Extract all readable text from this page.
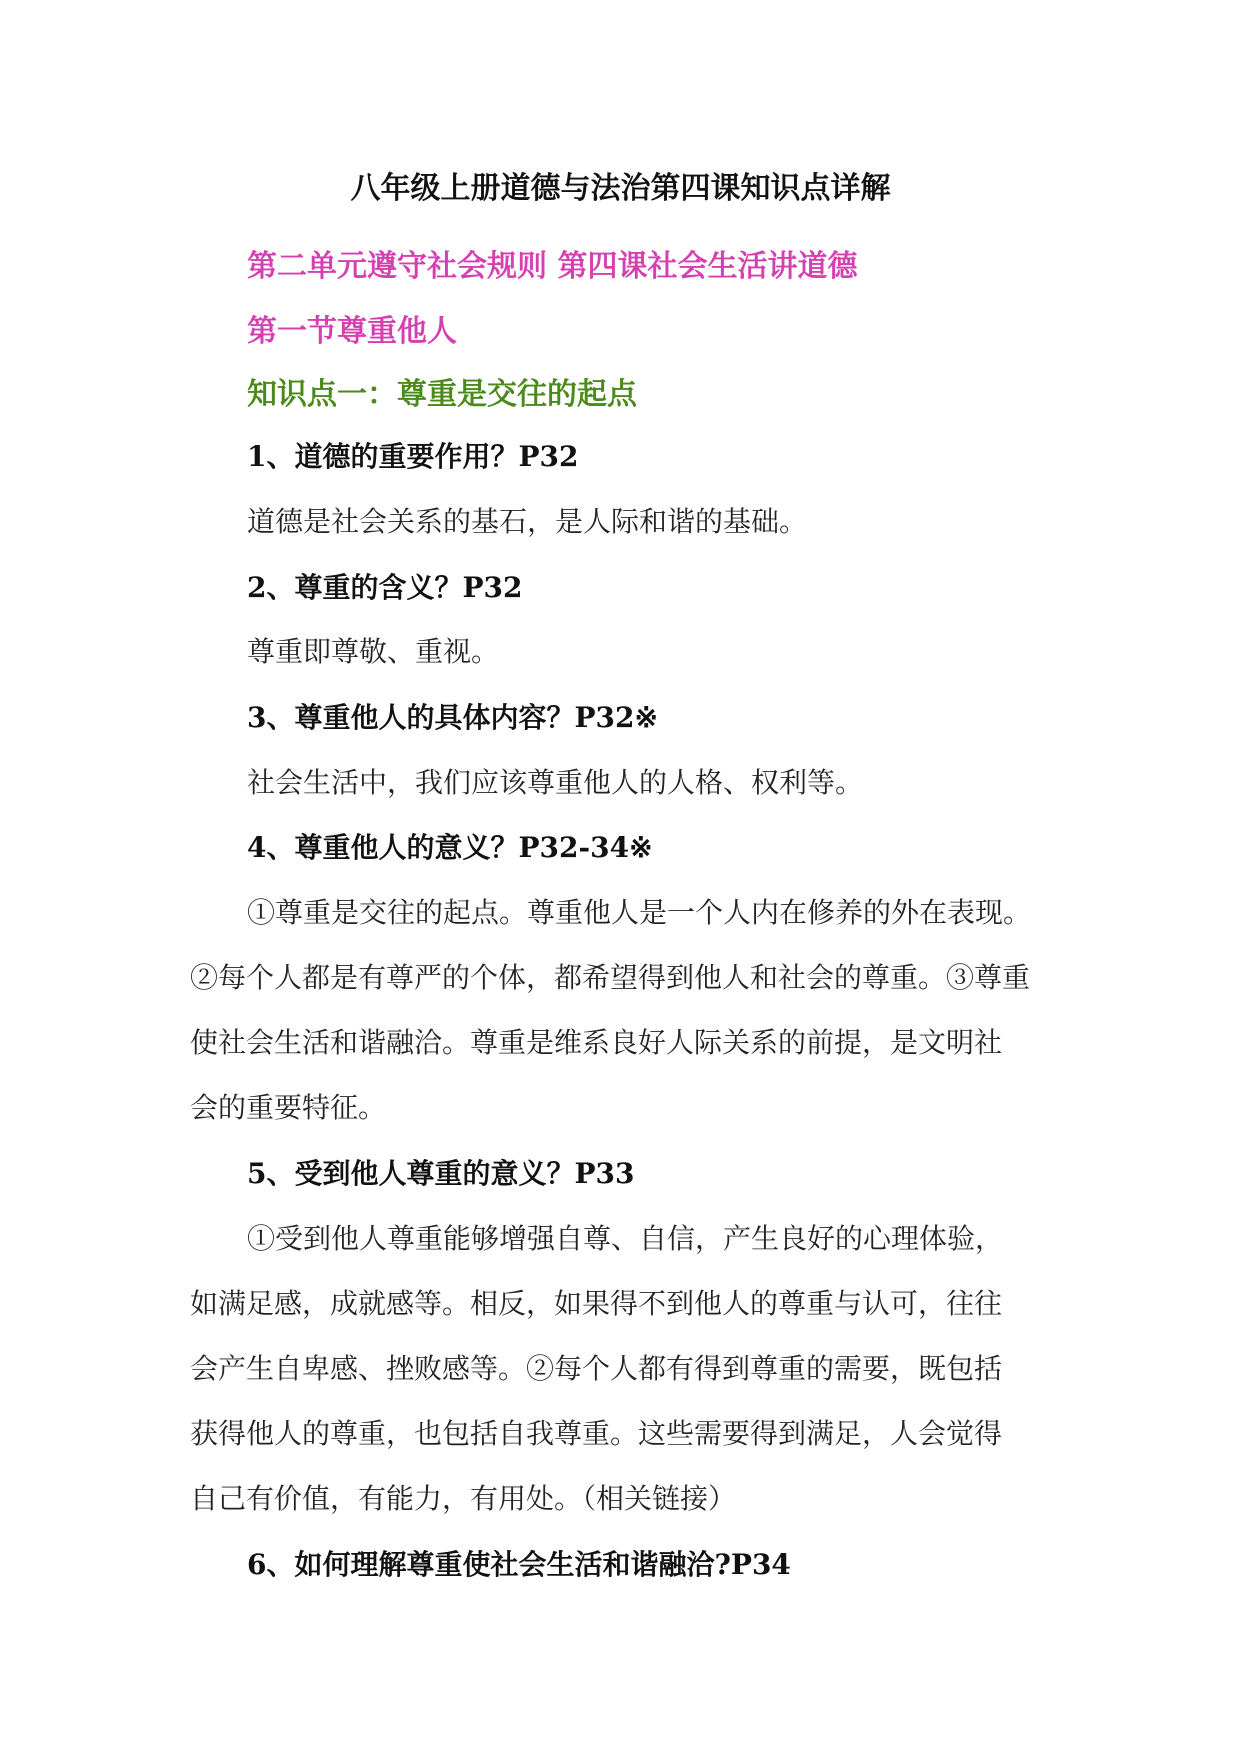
八年级上册道德与法治第四课知识点详解
第二单元遵守社会规则 第四课社会生活讲道德
第一节尊重他人
知识点一：尊重是交往的起点
1、道德的重要作用？P32
道德是社会关系的基石，是人际和谐的基础。
2、尊重的含义？P32
尊重即尊敬、重视。
3、尊重他人的具体内容？P32※
社会生活中，我们应该尊重他人的人格、权利等。
4、尊重他人的意义？P32-34※
①尊重是交往的起点。尊重他人是一个人内在修养的外在表现。
②每个人都是有尊严的个体，都希望得到他人和社会的尊重。③尊重
使社会生活和谐融洽。尊重是维系良好人际关系的前提，是文明社
会的重要特征。
5、受到他人尊重的意义？P33
①受到他人尊重能够增强自尊、自信，产生良好的心理体验，
如满足感，成就感等。相反，如果得不到他人的尊重与认可，往往
会产生自卑感、挫败感等。②每个人都有得到尊重的需要，既包括
获得他人的尊重，也包括自我尊重。这些需要得到满足，人会觉得
自己有价值，有能力，有用处。（相关链接）
6、如何理解尊重使社会生活和谐融洽?P34
